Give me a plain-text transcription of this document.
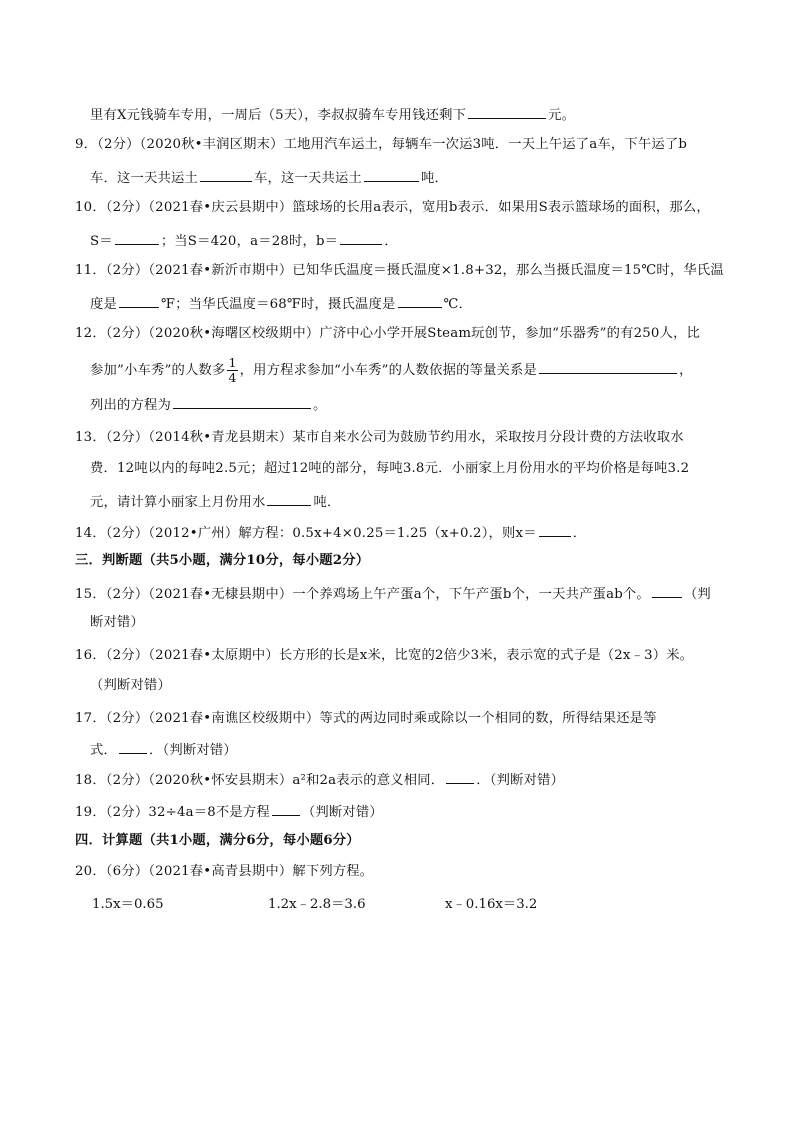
里有X元钱骑车专用，一周后（5天），李叔叔骑车专用钱还剩下	元。
9．（2分）（2020秋•丰润区期末）工地用汽车运土，每辆车一次运3吨．一天上午运了a车，下午运了b
车．这一天共运土	车，这一天共运土	吨．
10．（2分）（2021春•庆云县期中）篮球场的长用a表示，宽用b表示．如果用S表示篮球场的面积，那么，
S＝	；当S＝420，a＝28时，b＝	．
11．（2分）（2021春•新沂市期中）已知华氏温度＝摄氏温度×1.8+32，那么当摄氏温度＝15℃时，华氏温
度是	℉；当华氏温度＝68℉时，摄氏温度是	℃．
12．（2分）（2020秋•海曙区校级期中）广济中心小学开展Steam玩创节，参加“乐器秀”的有250人，比
参加”小车秀”的人数多 $\frac{1}{4}$ ，用方程求参加“小车秀”的人数依据的等量关系是	，
列出的方程为	。
13．（2分）（2014秋•青龙县期末）某市自来水公司为鼓励节约用水，采取按月分段计费的方法收取水
费．12吨以内的每吨2.5元；超过12吨的部分，每吨3.8元．小丽家上月份用水的平均价格是每吨3.2
元，请计算小丽家上月份用水	吨．
14．（2分）（2012•广州）解方程：0.5x+4×0.25＝1.25（x+0.2），则x＝	．
三．判断题（共5小题，满分10分，每小题2分）
15．（2分）（2021春•无棣县期中）一个养鸡场上午产蛋a个，下午产蛋b个，一天共产蛋ab个。	（判
断对错）
16．（2分）（2021春•太原期中）长方形的长是x米，比宽的2倍少3米，表示宽的式子是（2x﹣3）米。
（判断对错）
17．（2分）（2021春•南谯区校级期中）等式的两边同时乘或除以一个相同的数，所得结果还是等
式． ．（判断对错）
18．（2分）（2020秋•怀安县期末）a²和2a表示的意义相同． ．（判断对错）
19．（2分）32÷4a＝8不是方程 （判断对错）
四．计算题（共1小题，满分6分，每小题6分）
20．（6分）（2021春•高青县期中）解下列方程。
1.5x＝0.65	1.2x﹣2.8＝3.6	x﹣0.16x＝3.2
